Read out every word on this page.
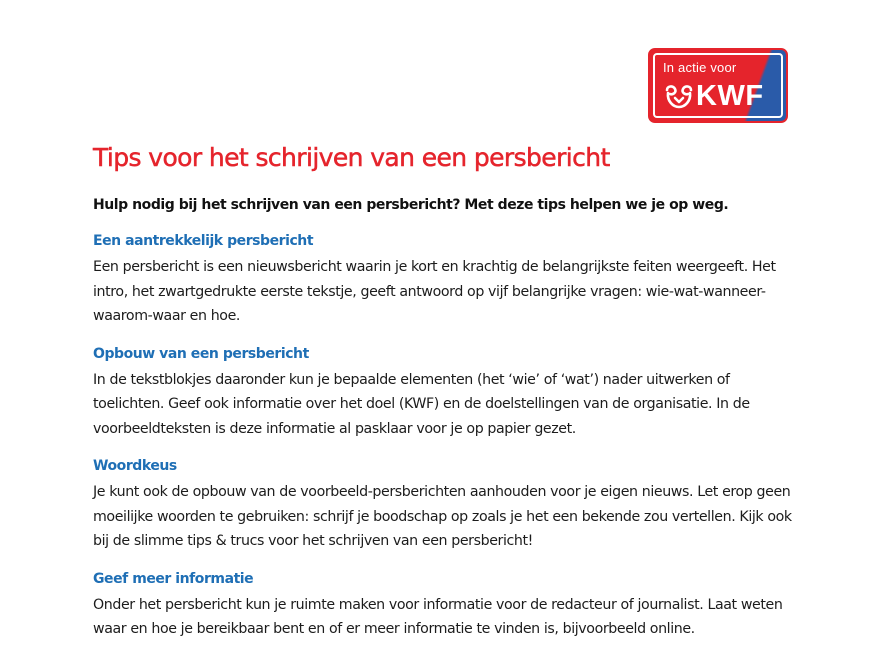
In actie voor
KWF
Tips voor het schrijven van een persbericht
Hulp nodig bij het schrijven van een persbericht? Met deze tips helpen we je op weg.
Een aantrekkelijk persbericht

Een persbericht is een nieuwsbericht waarin je kort en krachtig de belangrijkste feiten weergeeft. Het intro, het zwartgedrukte eerste tekstje, geeft antwoord op vijf belangrijke vragen: wie-wat-wanneer- waarom-waar en hoe.

Opbouw van een persbericht

In de tekstblokjes daaronder kun je bepaalde elementen (het ‘wie’ of ‘wat’) nader uitwerken of toelichten. Geef ook informatie over het doel (KWF) en de doelstellingen van de organisatie. In de voorbeeldteksten is deze informatie al pasklaar voor je op papier gezet.

Woordkeus

Je kunt ook de opbouw van de voorbeeld-persberichten aanhouden voor je eigen nieuws. Let erop geen moeilijke woorden te gebruiken: schrijf je boodschap op zoals je het een bekende zou vertellen. Kijk ook bij de slimme tips & trucs voor het schrijven van een persbericht!

Geef meer informatie

Onder het persbericht kun je ruimte maken voor informatie voor de redacteur of journalist. Laat weten waar en hoe je bereikbaar bent en of er meer informatie te vinden is, bijvoorbeeld online.
